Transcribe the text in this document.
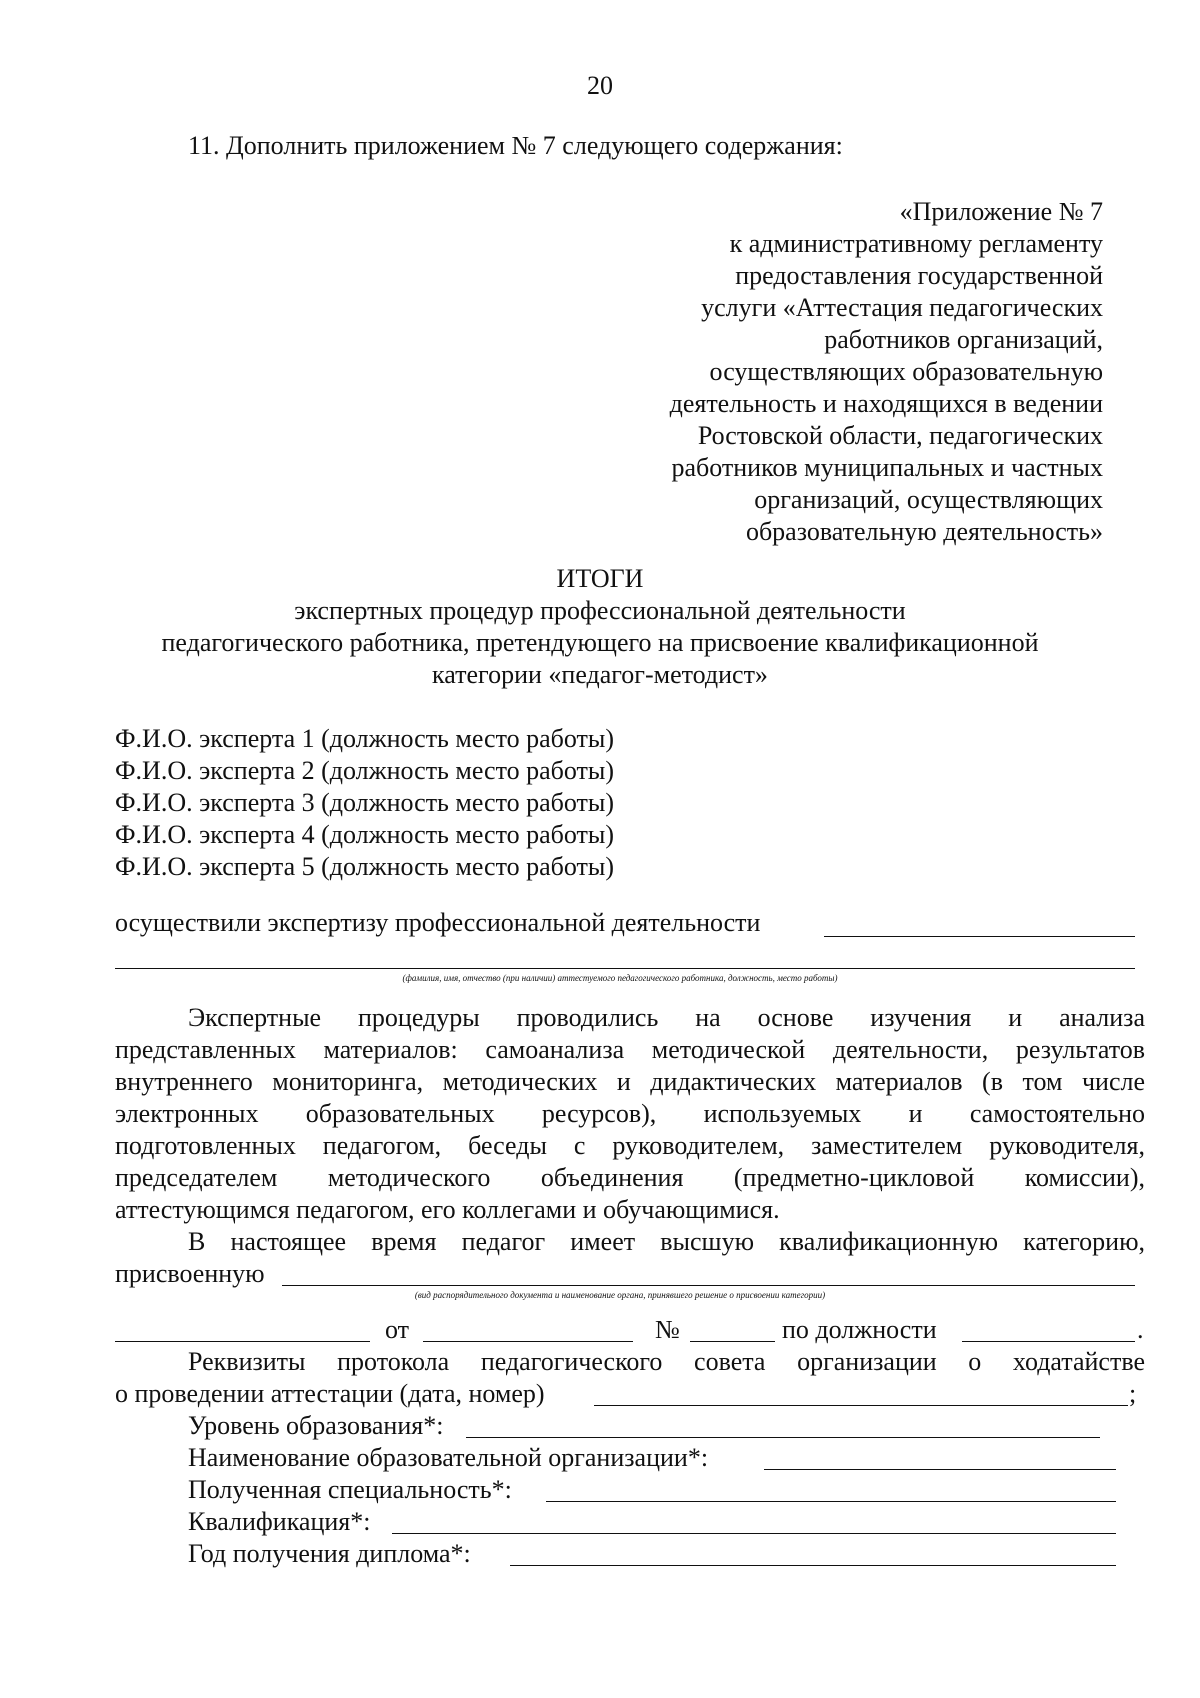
20
11. Дополнить приложением № 7 следующего содержания:
«Приложение № 7
к административному регламенту
предоставления государственной
услуги «Аттестация педагогических
работников организаций,
осуществляющих образовательную
деятельность и находящихся в ведении
Ростовской области, педагогических
работников муниципальных и частных
организаций, осуществляющих
образовательную деятельность»
ИТОГИ
экспертных процедур профессиональной деятельности
педагогического работника, претендующего на присвоение квалификационной
категории «педагог-методист»
Ф.И.О. эксперта 1 (должность место работы)
Ф.И.О. эксперта 2 (должность место работы)
Ф.И.О. эксперта 3 (должность место работы)
Ф.И.О. эксперта 4 (должность место работы)
Ф.И.О. эксперта 5 (должность место работы)
осуществили экспертизу профессиональной деятельности
(фамилия, имя, отчество (при наличии) аттестуемого педагогического работника, должность, место работы)
Экспертные процедуры проводились на основе изучения и анализа
представленных материалов: самоанализа методической деятельности, результатов
внутреннего мониторинга, методических и дидактических материалов (в том числе
электронных образовательных ресурсов), используемых и самостоятельно
подготовленных педагогом, беседы с руководителем, заместителем руководителя,
председателем методического объединения (предметно-цикловой комиссии),
аттестующимся педагогом, его коллегами и обучающимися.
В настоящее время педагог имеет высшую квалификационную категорию,
присвоенную
(вид распорядительного документа и наименование органа, принявшего решение о присвоении категории)
от	№	по должности	.
Реквизиты протокола педагогического совета организации о ходатайстве
о проведении аттестации (дата, номер)	;
Уровень образования*:
Наименование образовательной организации*:
Полученная специальность*:
Квалификация*:
Год получения диплома*:
